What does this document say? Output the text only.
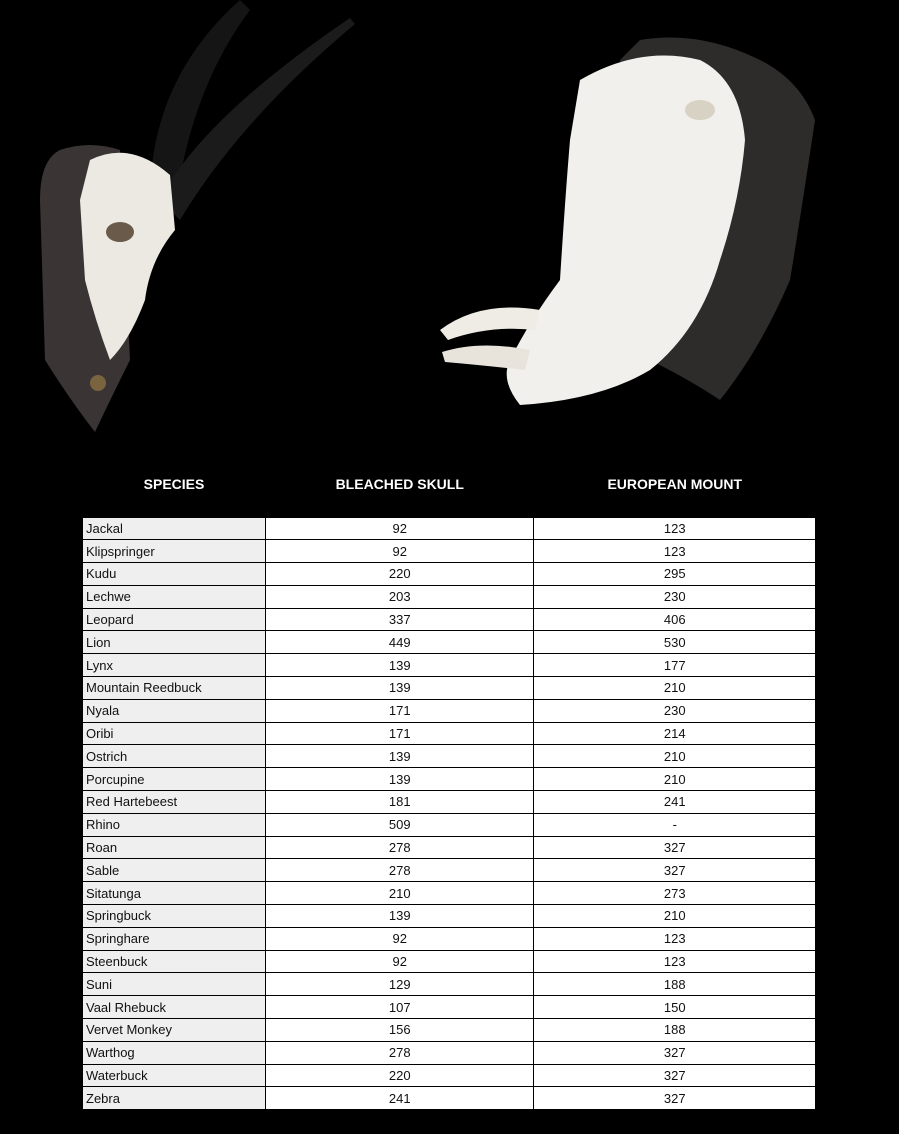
SPECIES	BLEACHED SKULL	EUROPEAN MOUNT
Jackal	92	123
Klipspringer	92	123
Kudu	220	295
Lechwe	203	230
Leopard	337	406
Lion	449	530
Lynx	139	177
Mountain Reedbuck	139	210
Nyala	171	230
Oribi	171	214
Ostrich	139	210
Porcupine	139	210
Red Hartebeest	181	241
Rhino	509	-
Roan	278	327
Sable	278	327
Sitatunga	210	273
Springbuck	139	210
Springhare	92	123
Steenbuck	92	123
Suni	129	188
Vaal Rhebuck	107	150
Vervet Monkey	156	188
Warthog	278	327
Waterbuck	220	327
Zebra	241	327
